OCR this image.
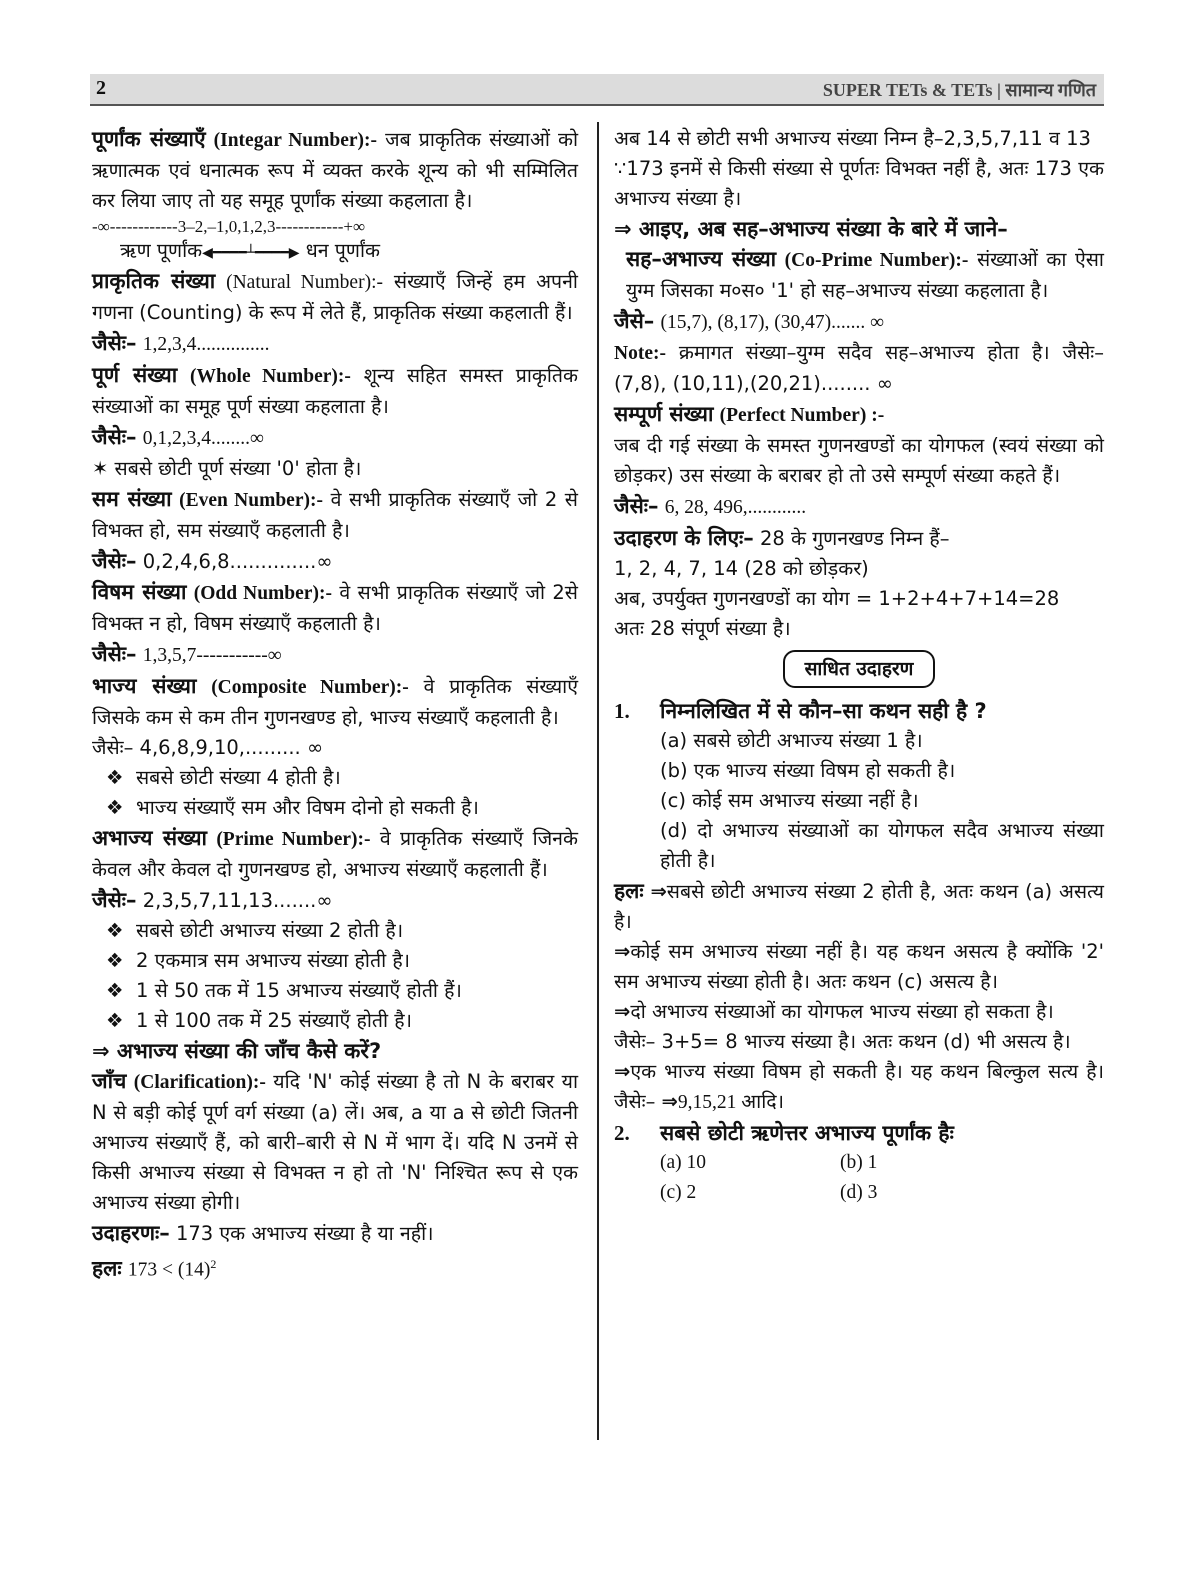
2	SUPER TETs & TETs | सामान्य गणित

पूर्णांक संख्याएँ (Integar Number):- जब प्राकृतिक संख्याओं को ऋणात्मक एवं धनात्मक रूप में व्यक्त करके शून्य को भी सम्मिलित कर लिया जाए तो यह समूह पूर्णांक संख्या कहलाता है।

-∞------------3–2,–1,0,1,2,3------------+∞

ऋण पूर्णांक◀━━━━┴━━━━▶ धन पूर्णांक

प्राकृतिक संख्या (Natural Number):- संख्याएँ जिन्हें हम अपनी गणना (Counting) के रूप में लेते हैं, प्राकृतिक संख्या कहलाती हैं।

जैसेः– 1,2,3,4...............

पूर्ण संख्या (Whole Number):- शून्य सहित समस्त प्राकृतिक संख्याओं का समूह पूर्ण संख्या कहलाता है।

जैसेः– 0,1,2,3,4........∞

✶ सबसे छोटी पूर्ण संख्या '0' होता है।

सम संख्या (Even Number):- वे सभी प्राकृतिक संख्याएँ जो 2 से विभक्त हो, सम संख्याएँ कहलाती है।

जैसेः– 0,2,4,6,8..............∞

विषम संख्या (Odd Number):- वे सभी प्राकृतिक संख्याएँ जो 2से विभक्त न हो, विषम संख्याएँ कहलाती है।

जैसेः– 1,3,5,7-----------∞

भाज्य संख्या (Composite Number):- वे प्राकृतिक संख्याएँ जिसके कम से कम तीन गुणनखण्ड हो, भाज्य संख्याएँ कहलाती है।

जैसेः– 4,6,8,9,10,......... ∞

❖ सबसे छोटी संख्या 4 होती है।

❖ भाज्य संख्याएँ सम और विषम दोनो हो सकती है।

अभाज्य संख्या (Prime Number):- वे प्राकृतिक संख्याएँ जिनके केवल और केवल दो गुणनखण्ड हो, अभाज्य संख्याएँ कहलाती हैं।

जैसेः– 2,3,5,7,11,13.......∞

❖ सबसे छोटी अभाज्य संख्या 2 होती है।

❖ 2 एकमात्र सम अभाज्य संख्या होती है।

❖ 1 से 50 तक में 15 अभाज्य संख्याएँ होती हैं।

❖ 1 से 100 तक में 25 संख्याएँ होती है।

⇒ अभाज्य संख्या की जाँच कैसे करें?

जाँच (Clarification):- यदि 'N' कोई संख्या है तो N के बराबर या N से बड़ी कोई पूर्ण वर्ग संख्या (a) लें। अब, a या a से छोटी जितनी अभाज्य संख्याएँ हैं, को बारी–बारी से N में भाग दें। यदि N उनमें से किसी अभाज्य संख्या से विभक्त न हो तो 'N' निश्चित रूप से एक अभाज्य संख्या होगी।

उदाहरणः– 173 एक अभाज्य संख्या है या नहीं।

हलः $173 < (14)^2$

अब 14 से छोटी सभी अभाज्य संख्या निम्न है–2,3,5,7,11 व 13

∵173 इनमें से किसी संख्या से पूर्णतः विभक्त नहीं है, अतः 173 एक अभाज्य संख्या है।

⇒ आइए, अब सह–अभाज्य संख्या के बारे में जाने–

सह–अभाज्य संख्या (Co-Prime Number):- संख्याओं का ऐसा युग्म जिसका म०स० '1' हो सह–अभाज्य संख्या कहलाता है।

जैसे– (15,7), (8,17), (30,47)....... ∞

Note:- क्रमागत संख्या–युग्म सदैव सह–अभाज्य होता है। जैसेः– (7,8), (10,11),(20,21)........ ∞

सम्पूर्ण संख्या (Perfect Number) :-

जब दी गई संख्या के समस्त गुणनखण्डों का योगफल (स्वयं संख्या को छोड़कर) उस संख्या के बराबर हो तो उसे सम्पूर्ण संख्या कहते हैं।

जैसेः– 6, 28, 496,............

उदाहरण के लिएः– 28 के गुणनखण्ड निम्न हैं–

1, 2, 4, 7, 14 (28 को छोड़कर)

अब, उपर्युक्त गुणनखण्डों का योग = 1+2+4+7+14=28

अतः 28 संपूर्ण संख्या है।

साधित उदाहरण
1.	निम्नलिखित में से कौन–सा कथन सही है ?

(a) सबसे छोटी अभाज्य संख्या 1 है।

(b) एक भाज्य संख्या विषम हो सकती है।

(c) कोई सम अभाज्य संख्या नहीं है।

(d) दो अभाज्य संख्याओं का योगफल सदैव अभाज्य संख्या होती है।

हलः ⇒सबसे छोटी अभाज्य संख्या 2 होती है, अतः कथन (a) असत्य है।

⇒कोई सम अभाज्य संख्या नहीं है। यह कथन असत्य है क्योंकि '2' सम अभाज्य संख्या होती है। अतः कथन (c) असत्य है।

⇒दो अभाज्य संख्याओं का योगफल भाज्य संख्या हो सकता है।

जैसेः– 3+5= 8 भाज्य संख्या है। अतः कथन (d) भी असत्य है।

⇒एक भाज्य संख्या विषम हो सकती है। यह कथन बिल्कुल सत्य है। जैसेः– ⇒9,15,21 आदि।

2.	सबसे छोटी ऋणेत्तर अभाज्य पूर्णांक हैः

(a) 10	(b) 1

(c) 2	(d) 3
